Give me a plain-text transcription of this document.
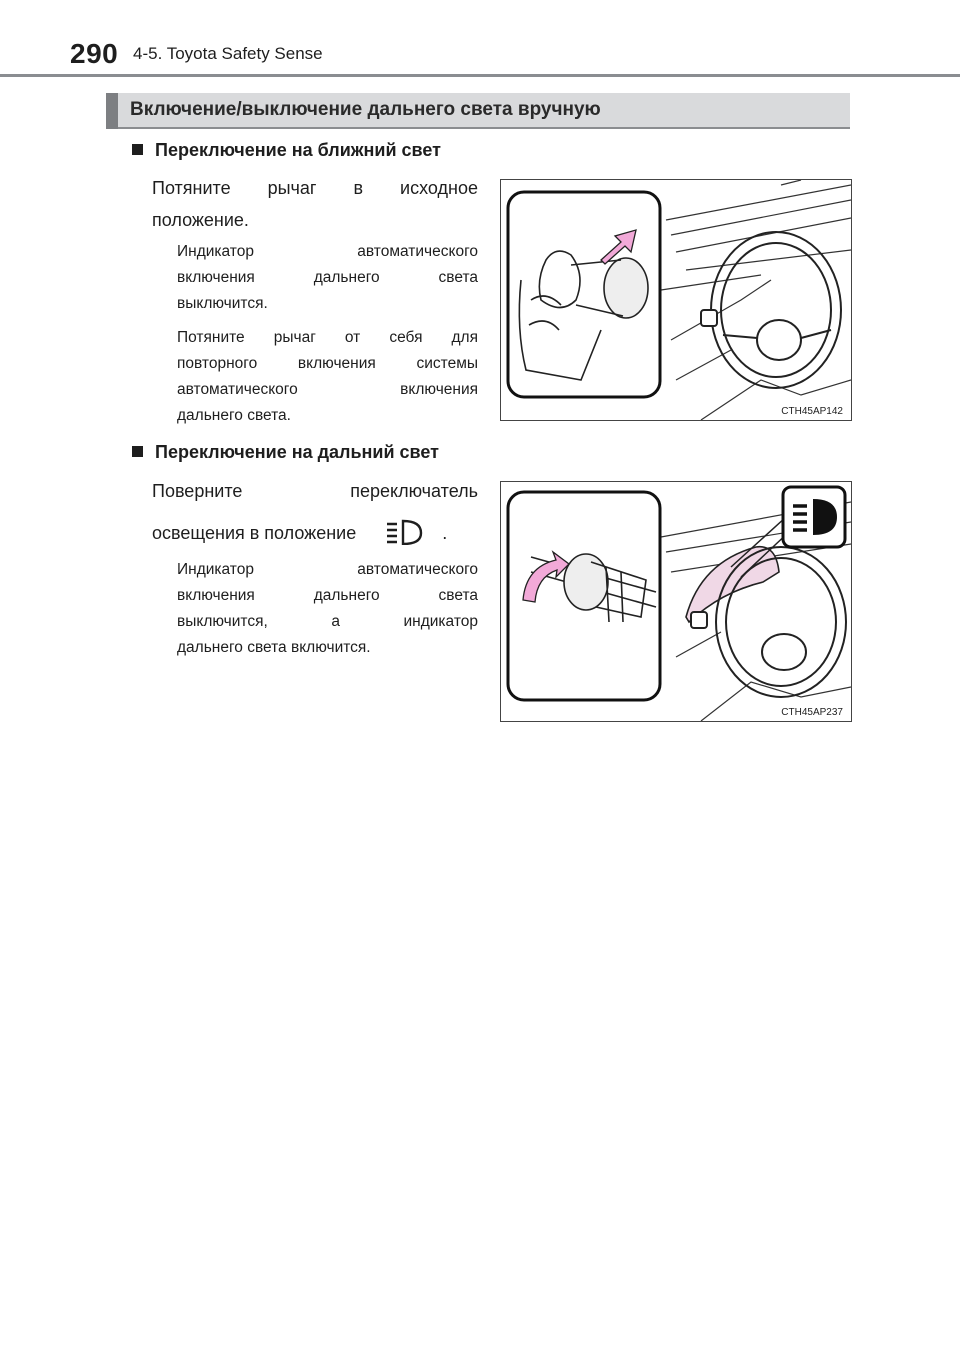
290 4-5. Toyota Safety Sense
Включение/выключение дальнего света вручную
Переключение на ближний свет
Потяните рычаг в исходное
положение.
Индикатор автоматического
включения дальнего света
выключится.
Потяните рычаг от себя для
повторного включения системы
автоматического включения
дальнего света.	CTH45AP142
Переключение на дальний свет
Поверните переключатель
освещения в положение	.
Индикатор автоматического
включения дальнего света
выключится, а индикатор
дальнего света включится.
CTH45AP237
